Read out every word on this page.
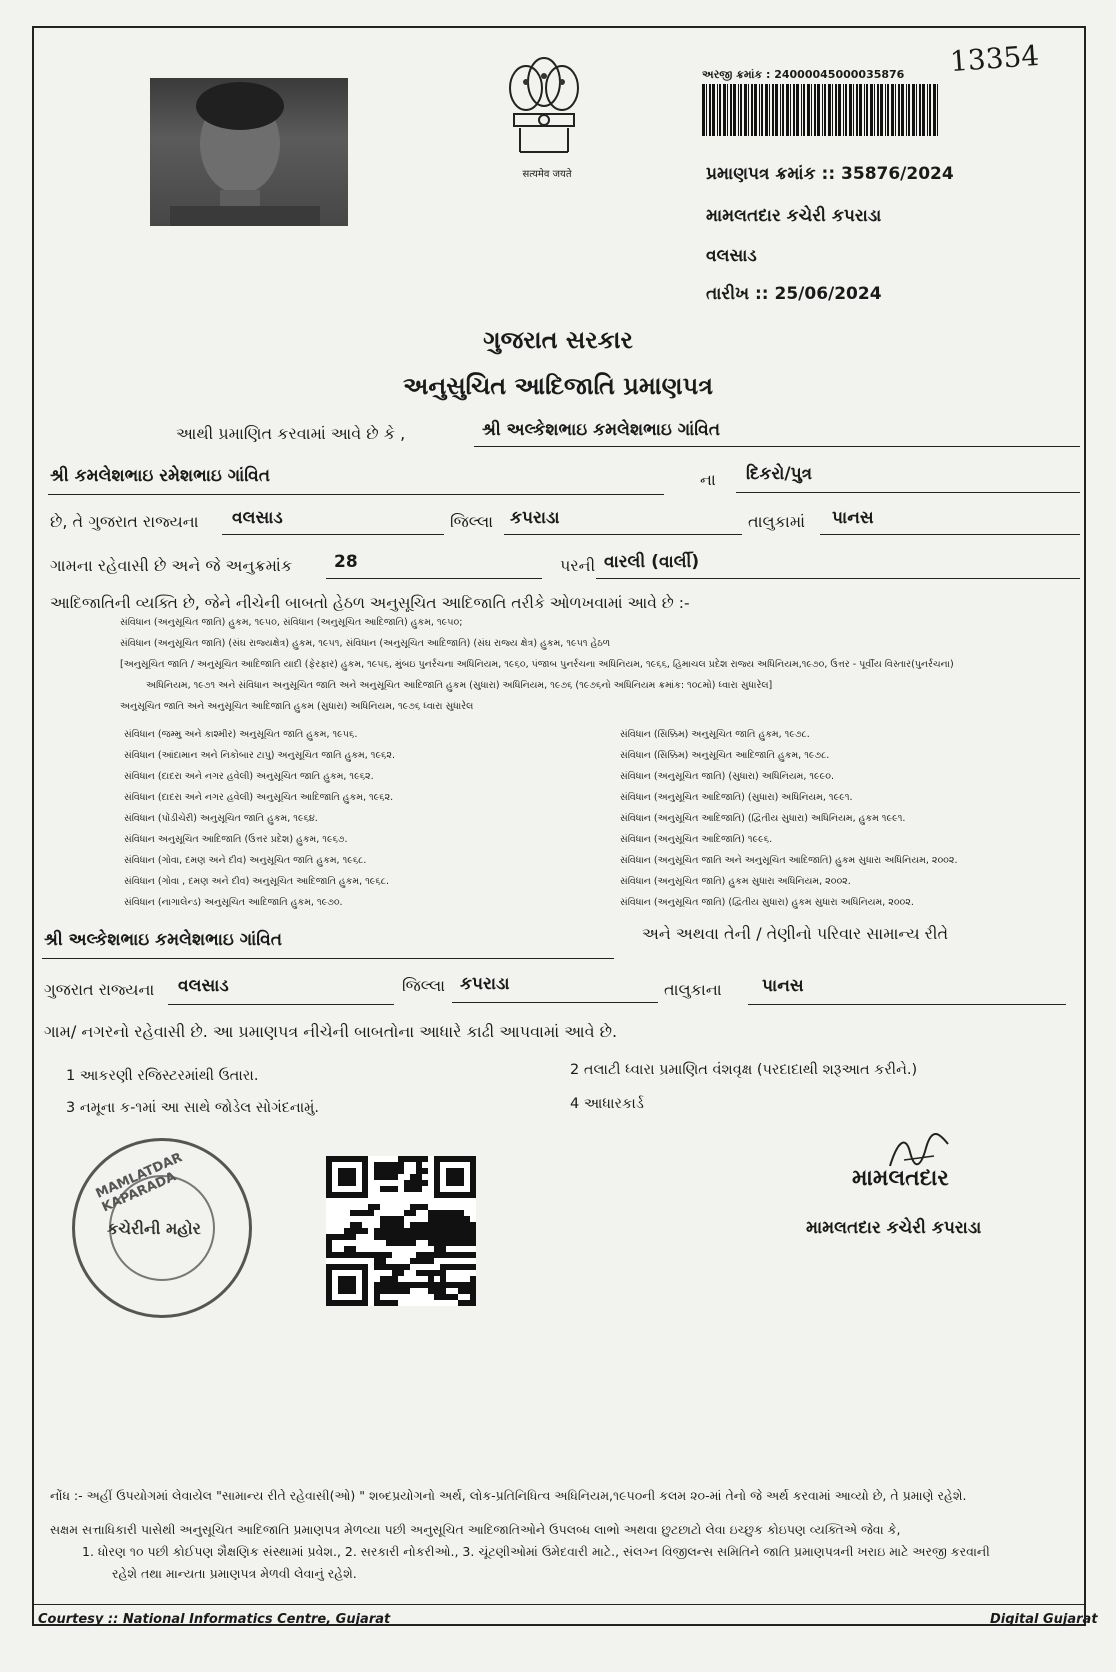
सत्यमेव जयते
અરજી ક્રમાંક : 24000045000035876 13354
પ્રમાણપત્ર ક્રમાંક :: 35876/2024
મામલતદાર કચેરી કપરાડા
વલસાડ
તારીખ :: 25/06/2024
ગુજરાત સરકાર
અનુસુચિત આદિજાતિ પ્રમાણપત્ર
આથી પ્રમાણિત કરવામાં આવે છે કે ,	શ્રી અલ્કેશભાઇ કમલેશભાઇ ગાંવિત
શ્રી કમલેશભાઇ રમેશભાઇ ગાંવિત	ના દિકરો/પુત્ર
છે, તે ગુજરાત રાજ્યના વલસાડ	જિલ્લા કપરાડા	તાલુકામાં પાનસ
ગામના રહેવાસી છે અને જે અનુક્રમાંક 28	પરની વારલી (વાર્લી)
આદિજાતિની વ્યક્તિ છે, જેને નીચેની બાબતો હેઠળ અનુસૂચિત આદિજાતિ તરીકે ઓળખવામાં આવે છે :-
સંવિધાન (અનુસૂચિત જાતિ) હુકમ, ૧૯૫૦, સંવિધાન (અનુસૂચિત આદિજાતિ) હુકમ, ૧૯૫૦;
સંવિધાન (અનુસૂચિત જાતિ) (સંઘ રાજ્યક્ષેત્ર) હુકમ, ૧૯૫૧, સંવિધાન (અનુસૂચિત આદિજાતિ) (સંઘ રાજ્ય ક્ષેત્ર) હુકમ, ૧૯૫૧ હેઠળ
[અનુસૂચિત જાતિ / અનુસૂચિત આદિજાતિ યાદી (ફેરફાર) હુકમ, ૧૯૫૬, મુંબઇ પુનર્રચના અધિનિયમ, ૧૯૬૦, પંજાબ પુનર્રચના અધિનિયમ, ૧૯૬૬, હિમાચલ પ્રદેશ રાજ્ય અધિનિયમ,૧૯૭૦, ઉત્તર - પૂર્વીય વિસ્તાર(પુનર્રચના)
અધિનિયમ, ૧૯૭૧ અને સંવિધાન અનુસૂચિત જાતિ અને અનુસૂચિત આદિજાતિ હુકમ (સુધારા) અધિનિયમ, ૧૯૭૬ (૧૯૭૬નો અધિનિયમ ક્રમાંક: ૧૦૮મો) ધ્વારા સુધારેલ]
અનુસૂચિત જાતિ અને અનુસૂચિત આદિજાતિ હુકમ (સુધારા) અધિનિયમ, ૧૯૭૬ ધ્વારા સુધારેલ
સંવિધાન (જમ્મુ અને કાશ્મીર) અનુસૂચિત જાતિ હુકમ, ૧૯૫૬.
સંવિધાન (આંદામાન અને નિકોબાર ટાપુ) અનુસૂચિત જાતિ હુકમ, ૧૯૬૨.
સંવિધાન (દાદરા અને નગર હવેલી) અનુસૂચિત જાતિ હુકમ, ૧૯૬૨.
સંવિધાન (દાદરા અને નગર હવેલી) અનુસૂચિત આદિજાતિ હુકમ, ૧૯૬૨.
સંવિધાન (પોંડીચેરી) અનુસૂચિત જાતિ હુકમ, ૧૯૬૪.
સંવિધાન અનુસૂચિત આદિજાતિ (ઉત્તર પ્રદેશ) હુકમ, ૧૯૬૭.
સંવિધાન (ગોવા, દમણ અને દીવ) અનુસૂચિત જાતિ હુકમ, ૧૯૬૮.
સંવિધાન (ગોવા , દમણ અને દીવ) અનુસૂચિત આદિજાતિ હુકમ, ૧૯૬૮.
સંવિધાન (નાગાલેન્ડ) અનુસૂચિત આદિજાતિ હુકમ, ૧૯૭૦.
સંવિધાન (સિક્કિમ) અનુસૂચિત જાતિ હુકમ, ૧૯૭૮.
સંવિધાન (સિક્કિમ) અનુસૂચિત આદિજાતિ હુકમ, ૧૯૭૮.
સંવિધાન (અનુસૂચિત જાતિ) (સુધારા) અધિનિયમ, ૧૯૯૦.
સંવિધાન (અનુસૂચિત આદિજાતિ) (સુધારા) અધિનિયમ, ૧૯૯૧.
સંવિધાન (અનુસૂચિત આદિજાતિ) (દ્વિતીય સુધારા) અધિનિયમ, હુકમ ૧૯૯૧.
સંવિધાન (અનુસૂચિત આદિજાતિ) ૧૯૯૬.
સંવિધાન (અનુસૂચિત જાતિ અને અનુસૂચિત આદિજાતિ) હુકમ સુધારા અધિનિયમ, ૨૦૦૨.
સંવિધાન (અનુસૂચિત જાતિ) હુકમ સુધારા અધિનિયમ, ૨૦૦૨.
સંવિધાન (અનુસૂચિત જાતિ) (દ્વિતીય સુધારા) હુકમ સુધારા અધિનિયમ, ૨૦૦૨.
શ્રી અલ્કેશભાઇ કમલેશભાઇ ગાંવિત	અને અથવા તેની / તેણીનો પરિવાર સામાન્ય રીતે
ગુજરાત રાજ્યના વલસાડ	જિલ્લા કપરાડા	તાલુકાના પાનસ
ગામ/ નગરનો રહેવાસી છે. આ પ્રમાણપત્ર નીચેની બાબતોના આધારે કાઢી આપવામાં આવે છે.
1 આકરણી રજિસ્ટરમાંથી ઉતારા.	2 તલાટી ધ્વારા પ્રમાણિત વંશવૃક્ષ (પરદાદાથી શરૂઆત કરીને.)
3 નમૂના ક-૧માં આ સાથે જોડેલ સોગંદનામું.	4 આધારકાર્ડ
MAMLATDAR KAPARADA
કચેરીની મહોર
મામલતદાર
મામલતદાર કચેરી કપરાડા
નોંધ :- અહીં ઉપયોગમાં લેવાયેલ "સામાન્ય રીતે રહેવાસી(ઓ) " શબ્દપ્રયોગનો અર્થ, લોક-પ્રતિનિધિત્વ અધિનિયમ,૧૯૫૦ની કલમ ૨૦-માં તેનો જે અર્થ કરવામાં આવ્યો છે, તે પ્રમાણે રહેશે.
સક્ષમ સત્તાધિકારી પાસેથી અનુસૂચિત આદિજાતિ પ્રમાણપત્ર મેળવ્યા પછી અનુસૂચિત આદિજાતિઓને ઉપલબ્ધ લાભો અથવા છુટછાટો લેવા ઇચ્છુક કોઇપણ વ્યક્તિએ જેવા કે,
1. ધોરણ ૧૦ પછી કોઈપણ શૈક્ષણિક સંસ્થામાં પ્રવેશ., 2. સરકારી નોકરીઓ., 3. ચૂંટણીઓમાં ઉમેદવારી માટે., સંલગ્ન વિજીલન્સ સમિતિને જાતિ પ્રમાણપત્રની ખરાઇ માટે અરજી કરવાની
રહેશે તથા માન્યતા પ્રમાણપત્ર મેળવી લેવાનું રહેશે.
Courtesy :: National Informatics Centre, Gujarat	Digital Gujarat
